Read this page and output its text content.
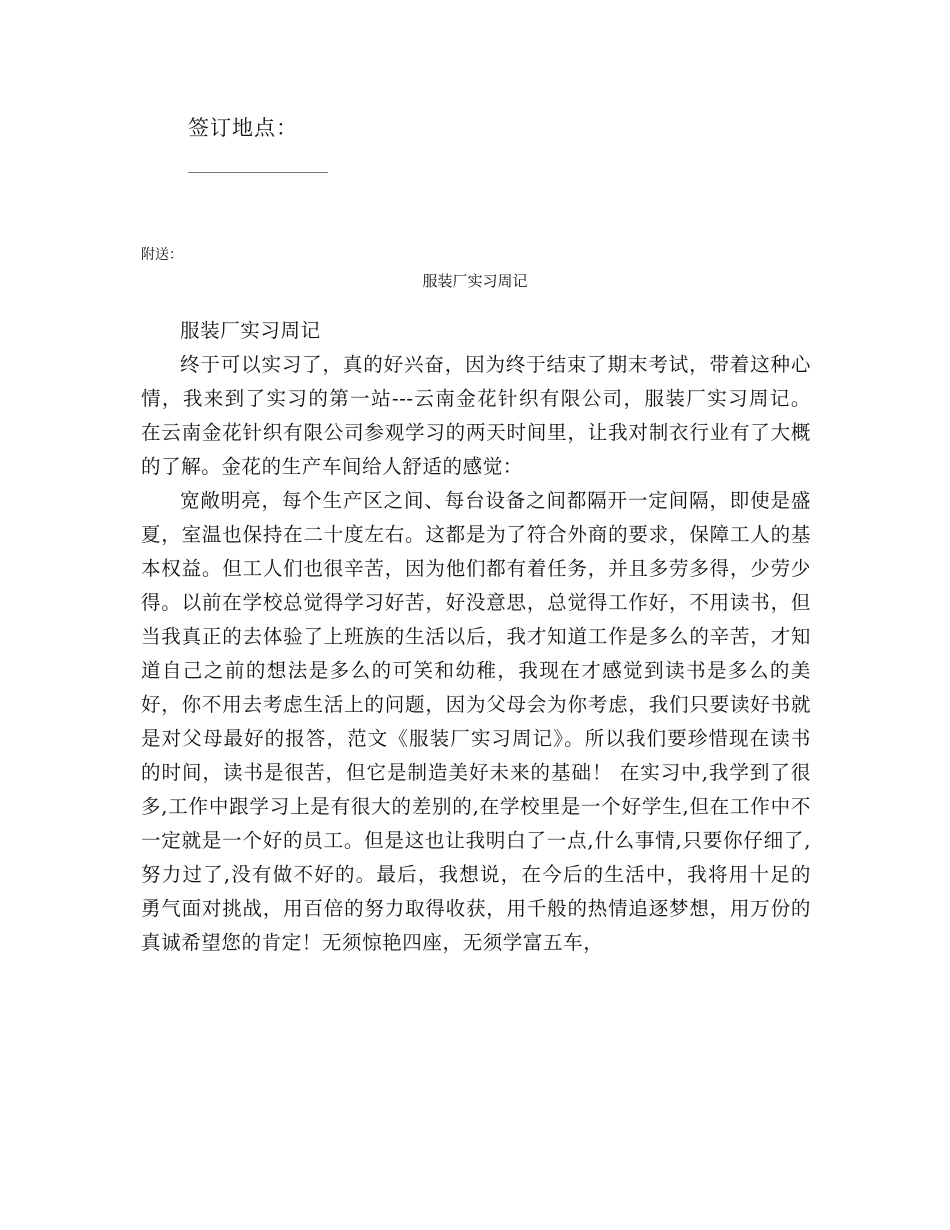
签订地点：
附送：
服装厂实习周记

服装厂实习周记

终于可以实习了，真的好兴奋，因为终于结束了期末考试，带着这种心情，我来到了实习的第一站---云南金花针织有限公司，服装厂实习周记。 在云南金花针织有限公司参观学习的两天时间里，让我对制衣行业有了大概的了解。金花的生产车间给人舒适的感觉：

宽敞明亮，每个生产区之间、每台设备之间都隔开一定间隔，即使是盛夏，室温也保持在二十度左右。这都是为了符合外商的要求，保障工人的基本权益。但工人们也很辛苦，因为他们都有着任务，并且多劳多得，少劳少得。以前在学校总觉得学习好苦，好没意思，总觉得工作好，不用读书，但当我真正的去体验了上班族的生活以后，我才知道工作是多么的辛苦，才知道自己之前的想法是多么的可笑和幼稚，我现在才感觉到读书是多么的美好，你不用去考虑生活上的问题，因为父母会为你考虑，我们只要读好书就是对父母最好的报答，范文《服装厂实习周记》。所以我们要珍惜现在读书的时间，读书是很苦，但它是制造美好未来的基础！ 在实习中,我学到了很多,工作中跟学习上是有很大的差别的,在学校里是一个好学生,但在工作中不一定就是一个好的员工。但是这也让我明白了一点,什么事情,只要你仔细了,努力过了,没有做不好的。最后，我想说，在今后的生活中，我将用十足的勇气面对挑战，用百倍的努力取得收获，用千般的热情追逐梦想，用万份的真诚希望您的肯定！无须惊艳四座，无须学富五车，
